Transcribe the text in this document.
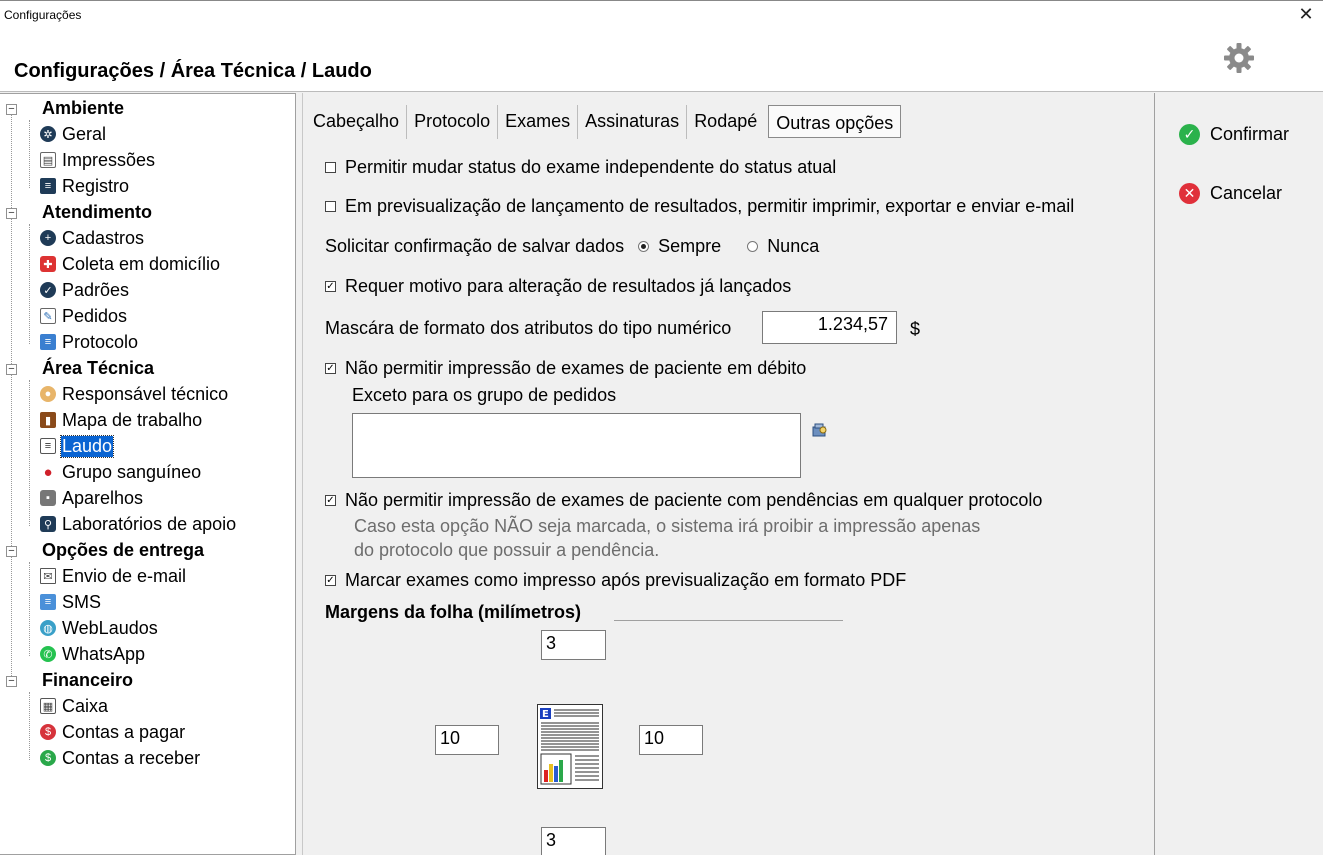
Configurações	✕
Configurações / Área Técnica / Laudo
− Ambiente
✲ Geral
▤ Impressões
≡ Registro
− Atendimento
+ Cadastros
✚ Coleta em domicílio
✓ Padrões
✎ Pedidos
≡ Protocolo
− Área Técnica
● Responsável técnico
▮ Mapa de trabalho
≡ Laudo
● Grupo sanguíneo
▪ Aparelhos
⚲ Laboratórios de apoio
− Opções de entrega
✉ Envio de e-mail
≡ SMS
◍ WebLaudos
✆ WhatsApp
− Financeiro
▦ Caixa
$ Contas a pagar
$ Contas a receber
Cabeçalho Protocolo Exames Assinaturas Rodapé	Outras opções
Permitir mudar status do exame independente do status atual
Em previsualização de lançamento de resultados, permitir imprimir, exportar e enviar e-mail
Solicitar confirmação de salvar dados Sempre	Nunca
✓ Requer motivo para alteração de resultados já lançados
Mascára de formato dos atributos do tipo numérico	1.234,57	$
✓ Não permitir impressão de exames de paciente em débito
Exceto para os grupo de pedidos
✓ Não permitir impressão de exames de paciente com pendências em qualquer protocolo
Caso esta opção NÃO seja marcada, o sistema irá proibir a impressão apenas
do protocolo que possuir a pendência.
✓ Marcar exames como impresso após previsualização em formato PDF
Margens da folha (milímetros)
3
10	10
3
E
✓ Confirmar
✕ Cancelar
